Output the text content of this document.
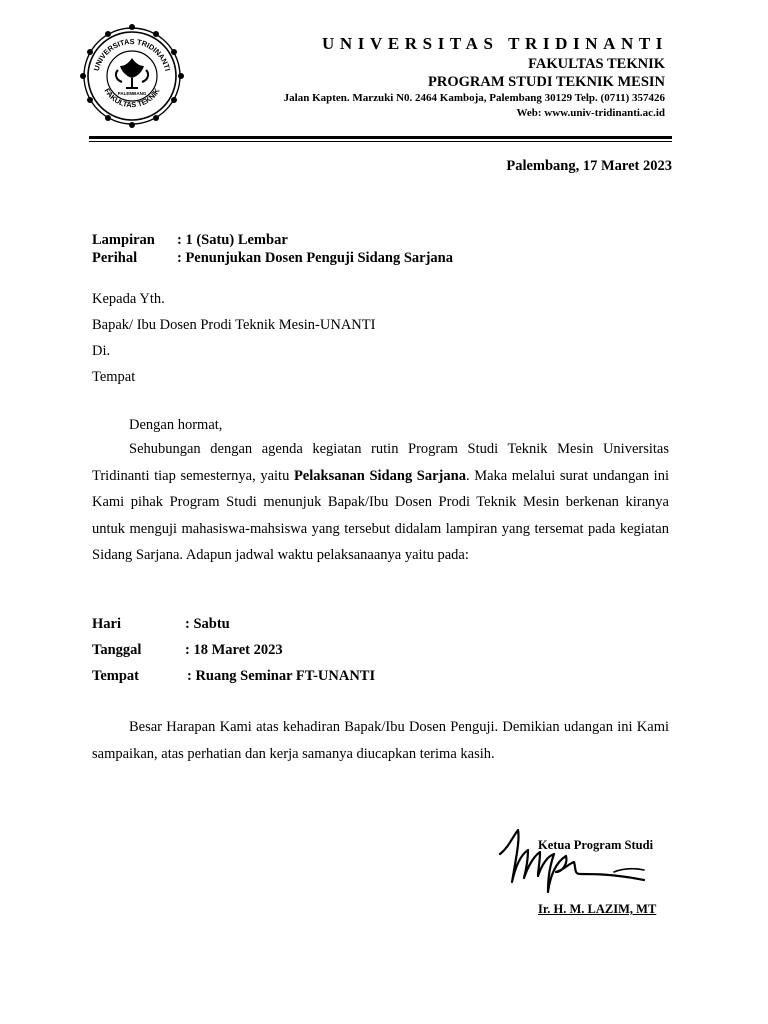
UNIVERSITAS TRIDINANTI
FAKULTAS TEKNIK
PALEMBANG
UNIVERSITAS TRIDINANTI
FAKULTAS TEKNIK
PROGRAM STUDI TEKNIK MESIN
Jalan Kapten. Marzuki N0. 2464 Kamboja, Palembang 30129 Telp. (0711) 357426
Web: www.univ-tridinanti.ac.id
Palembang, 17 Maret 2023
Lampiran : 1 (Satu) Lembar
Perihal	: Penunjukan Dosen Penguji Sidang Sarjana
Kepada Yth.
Bapak/ Ibu Dosen Prodi Teknik Mesin-UNANTI
Di.
Tempat
Dengan hormat,
Sehubungan dengan agenda kegiatan rutin Program Studi Teknik Mesin Universitas Tridinanti tiap semesternya, yaitu Pelaksanan Sidang Sarjana. Maka melalui surat undangan ini Kami pihak Program Studi menunjuk Bapak/Ibu Dosen Prodi Teknik Mesin berkenan kiranya untuk menguji mahasiswa-mahsiswa yang tersebut didalam lampiran yang tersemat pada kegiatan Sidang Sarjana. Adapun jadwal waktu pelaksanaanya yaitu pada:
Hari	: Sabtu
Tanggal	: 18 Maret 2023
Tempat	: Ruang Seminar FT-UNANTI
Besar Harapan Kami atas kehadiran Bapak/Ibu Dosen Penguji. Demikian udangan ini Kami sampaikan, atas perhatian dan kerja samanya diucapkan terima kasih.
Ketua Program Studi
Ir. H. M. LAZIM, MT
